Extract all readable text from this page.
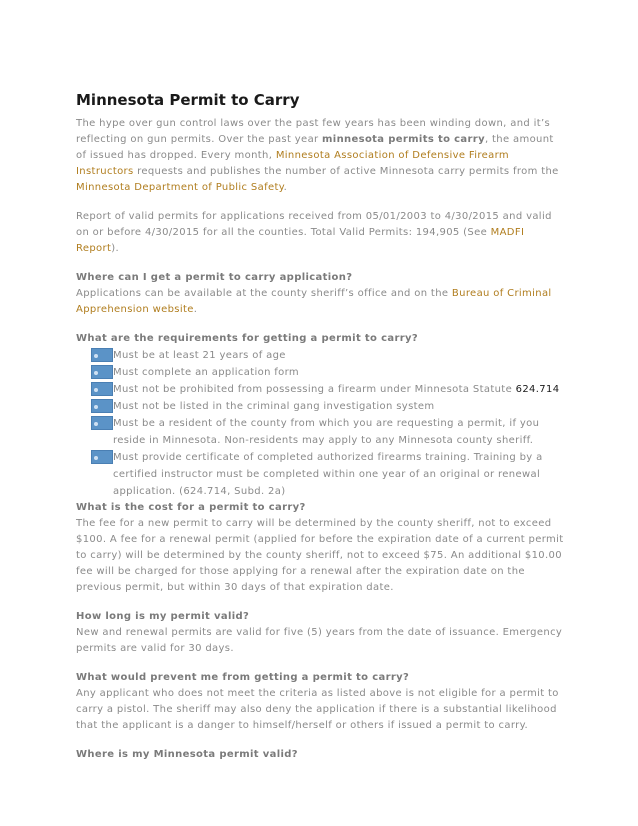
Minnesota Permit to Carry

The hype over gun control laws over the past few years has been winding down, and it’s reflecting on gun permits. Over the past year minnesota permits to carry, the amount of issued has dropped. Every month, Minnesota Association of Defensive Firearm Instructors requests and publishes the number of active Minnesota carry permits from the Minnesota Department of Public Safety.

Report of valid permits for applications received from 05/01/2003 to 4/30/2015 and valid on or before 4/30/2015 for all the counties. Total Valid Permits: 194,905 (See MADFI Report).

Where can I get a permit to carry application?

Applications can be available at the county sheriff’s office and on the Bureau of Criminal Apprehension website.

What are the requirements for getting a permit to carry?

Must be at least 21 years of age
Must complete an application form
Must not be prohibited from possessing a firearm under Minnesota Statute 624.714
Must not be listed in the criminal gang investigation system
Must be a resident of the county from which you are requesting a permit, if you reside in Minnesota. Non-residents may apply to any Minnesota county sheriff.
Must provide certificate of completed authorized firearms training. Training by a certified instructor must be completed within one year of an original or renewal application. (624.714, Subd. 2a)

What is the cost for a permit to carry?

The fee for a new permit to carry will be determined by the county sheriff, not to exceed $100. A fee for a renewal permit (applied for before the expiration date of a current permit to carry) will be determined by the county sheriff, not to exceed $75. An additional $10.00 fee will be charged for those applying for a renewal after the expiration date on the previous permit, but within 30 days of that expiration date.

How long is my permit valid?

New and renewal permits are valid for five (5) years from the date of issuance. Emergency permits are valid for 30 days.

What would prevent me from getting a permit to carry?

Any applicant who does not meet the criteria as listed above is not eligible for a permit to carry a pistol. The sheriff may also deny the application if there is a substantial likelihood that the applicant is a danger to himself/herself or others if issued a permit to carry.

Where is my Minnesota permit valid?
